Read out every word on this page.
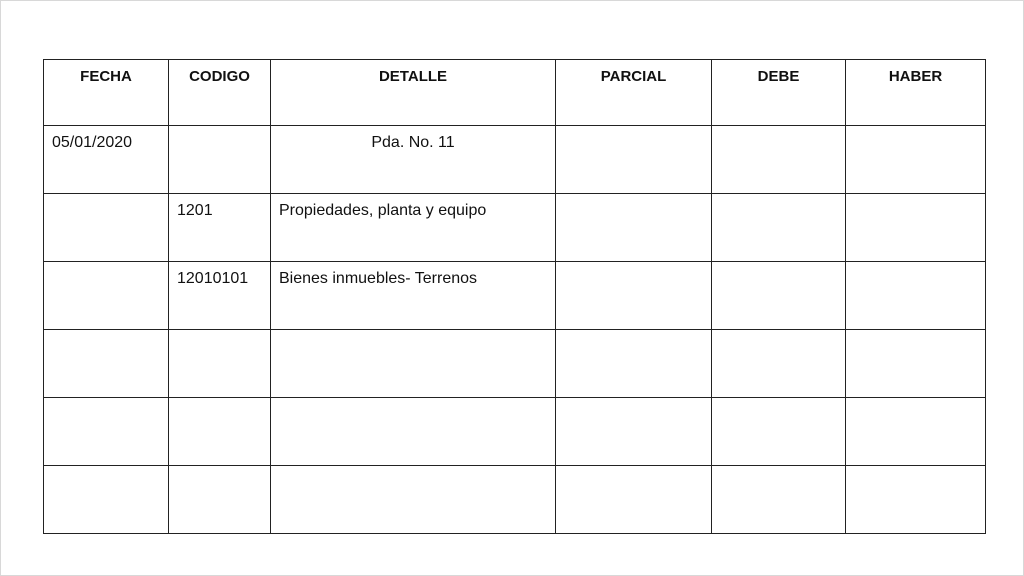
FECHA	CODIGO	DETALLE	PARCIAL	DEBE	HABER
05/01/2020		Pda. No. 11			
	1201	Propiedades, planta y equipo			
	12010101	Bienes inmuebles- Terrenos			
